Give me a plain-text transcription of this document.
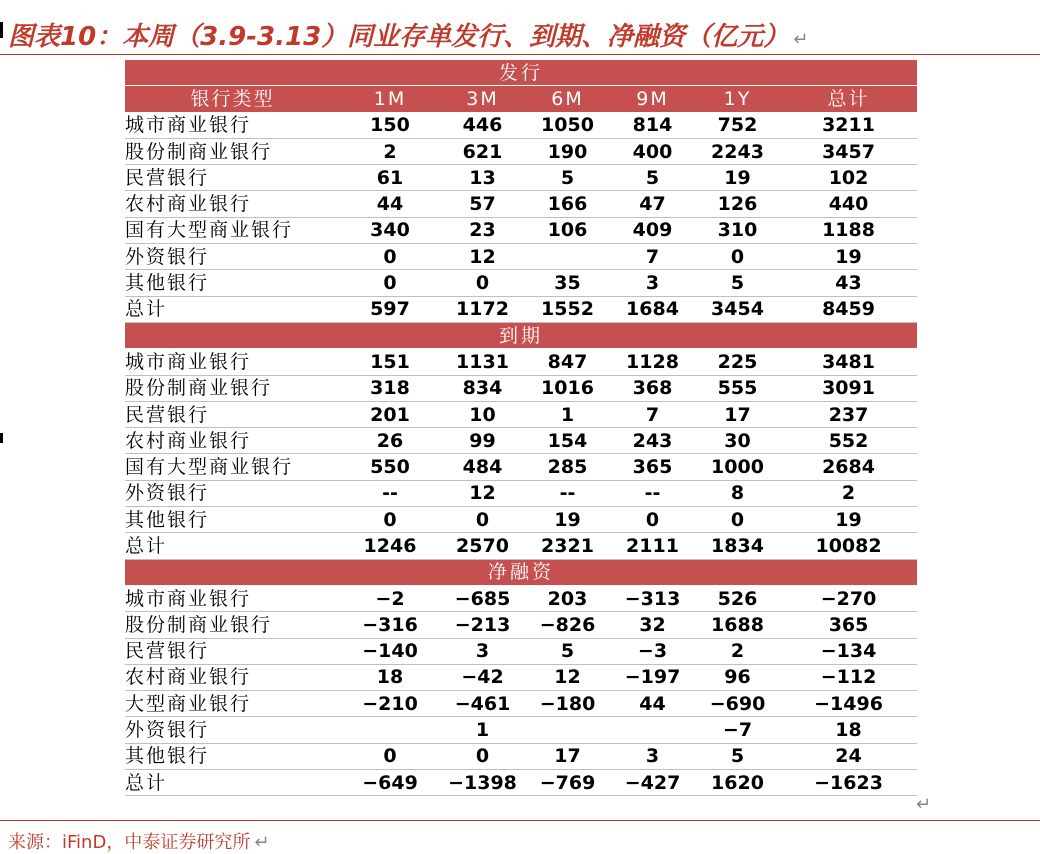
图表10：本周（3.9-3.13）同业存单发行、到期、净融资（亿元） ↵
发行						
银行类型	1M	3M	6M	9M	1Y	总计
城市商业银行	150	446	1050	814	752	3211
股份制商业银行	2	621	190	400	2243	3457
民营银行	61	13	5	5	19	102
农村商业银行	44	57	166	47	126	440
国有大型商业银行	340	23	106	409	310	1188
外资银行	0	12		7	0	19
其他银行	0	0	35	3	5	43
总计	597	1172	1552	1684	3454	8459
到期						
城市商业银行	151	1131	847	1128	225	3481
股份制商业银行	318	834	1016	368	555	3091
民营银行	201	10	1	7	17	237
农村商业银行	26	99	154	243	30	552
国有大型商业银行	550	484	285	365	1000	2684
外资银行	--	12	--	--	8	2
其他银行	0	0	19	0	0	19
总计	1246	2570	2321	2111	1834	10082
净融资						
城市商业银行	−2	−685	203	−313	526	−270
股份制商业银行	−316	−213	−826	32	1688	365
民营银行	−140	3	5	−3	2	−134
农村商业银行	18	−42	12	−197	96	−112
大型商业银行	−210	−461	−180	44	−690	−1496
外资银行		1			−7	18
其他银行	0	0	17	3	5	24
总计	−649	−1398	−769	−427	1620	−1623
↵
来源：iFinD，中泰证券研究所 ↵
